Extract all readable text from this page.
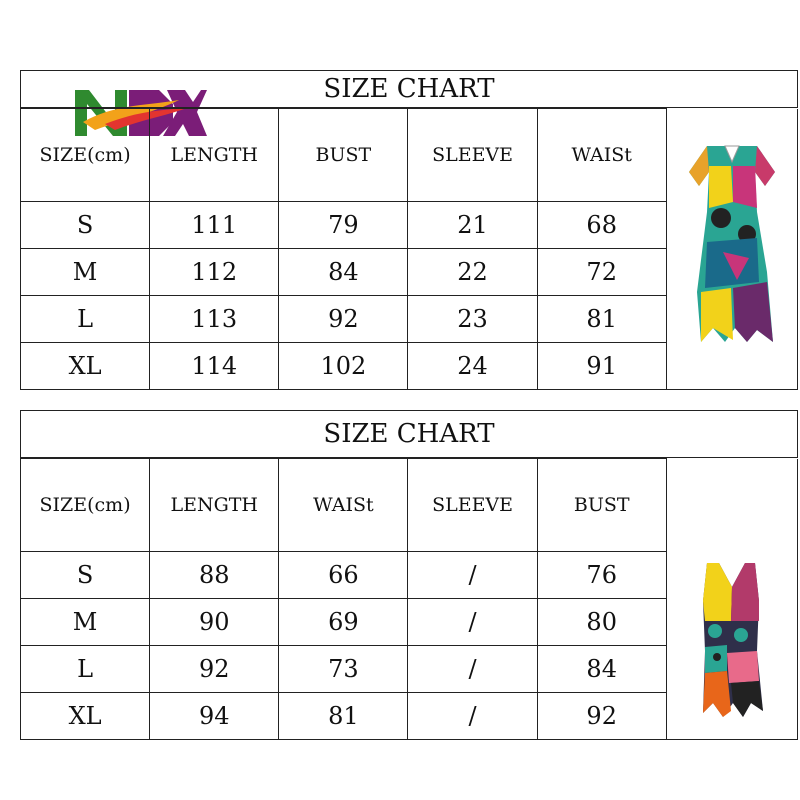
SIZE CHART
SIZE(cm)	LENGTH	BUST	SLEEVE	WAISt	
S	111	79	21	68	
M	112	84	22	72	
L	113	92	23	81	
XL	114	102	24	91	
SIZE CHART
SIZE(cm)	LENGTH	WAISt	SLEEVE	BUST	
S	88	66	/	76	
M	90	69	/	80	
L	92	73	/	84	
XL	94	81	/	92	
